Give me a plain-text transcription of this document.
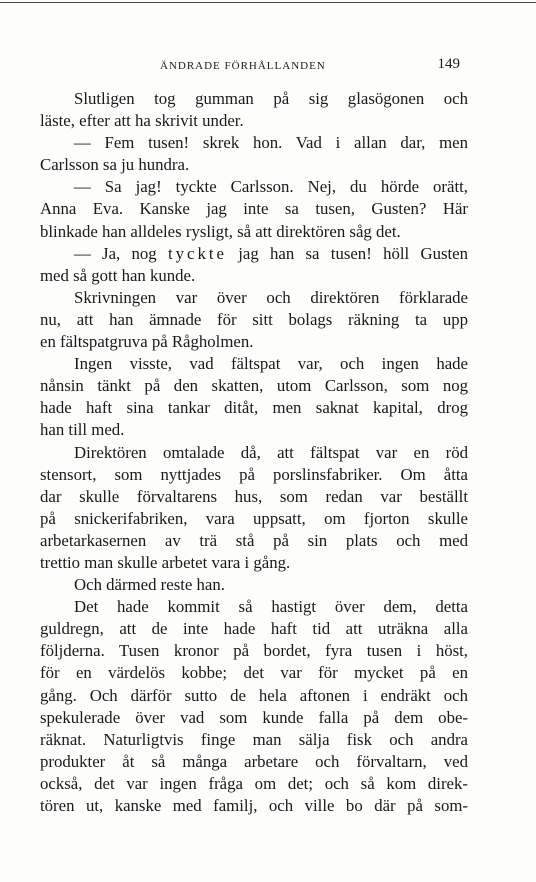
ÄNDRADE FÖRHÅLLANDEN	149
Slutligen tog gumman på sig glasögonen och
läste, efter att ha skrivit under.
— Fem tusen! skrek hon. Vad i allan dar, men
Carlsson sa ju hundra.
— Sa jag! tyckte Carlsson. Nej, du hörde orätt,
Anna Eva. Kanske jag inte sa tusen, Gusten? Här
blinkade han alldeles rysligt, så att direktören såg det.
— Ja, nog tyckte jag han sa tusen! höll Gusten
med så gott han kunde.
Skrivningen var över och direktören förklarade
nu, att han ämnade för sitt bolags räkning ta upp
en fältspatgruva på Rågholmen.
Ingen visste, vad fältspat var, och ingen hade
nånsin tänkt på den skatten, utom Carlsson, som nog
hade haft sina tankar ditåt, men saknat kapital, drog
han till med.
Direktören omtalade då, att fältspat var en röd
stensort, som nyttjades på porslinsfabriker. Om åtta
dar skulle förvaltarens hus, som redan var beställt
på snickerifabriken, vara uppsatt, om fjorton skulle
arbetarkasernen av trä stå på sin plats och med
trettio man skulle arbetet vara i gång.
Och därmed reste han.
Det hade kommit så hastigt över dem, detta
guldregn, att de inte hade haft tid att uträkna alla
följderna. Tusen kronor på bordet, fyra tusen i höst,
för en värdelös kobbe; det var för mycket på en
gång. Och därför sutto de hela aftonen i endräkt och
spekulerade över vad som kunde falla på dem obe-
räknat. Naturligtvis finge man sälja fisk och andra
produkter åt så många arbetare och förvaltarn, ved
också, det var ingen fråga om det; och så kom direk-
tören ut, kanske med familj, och ville bo där på som-
